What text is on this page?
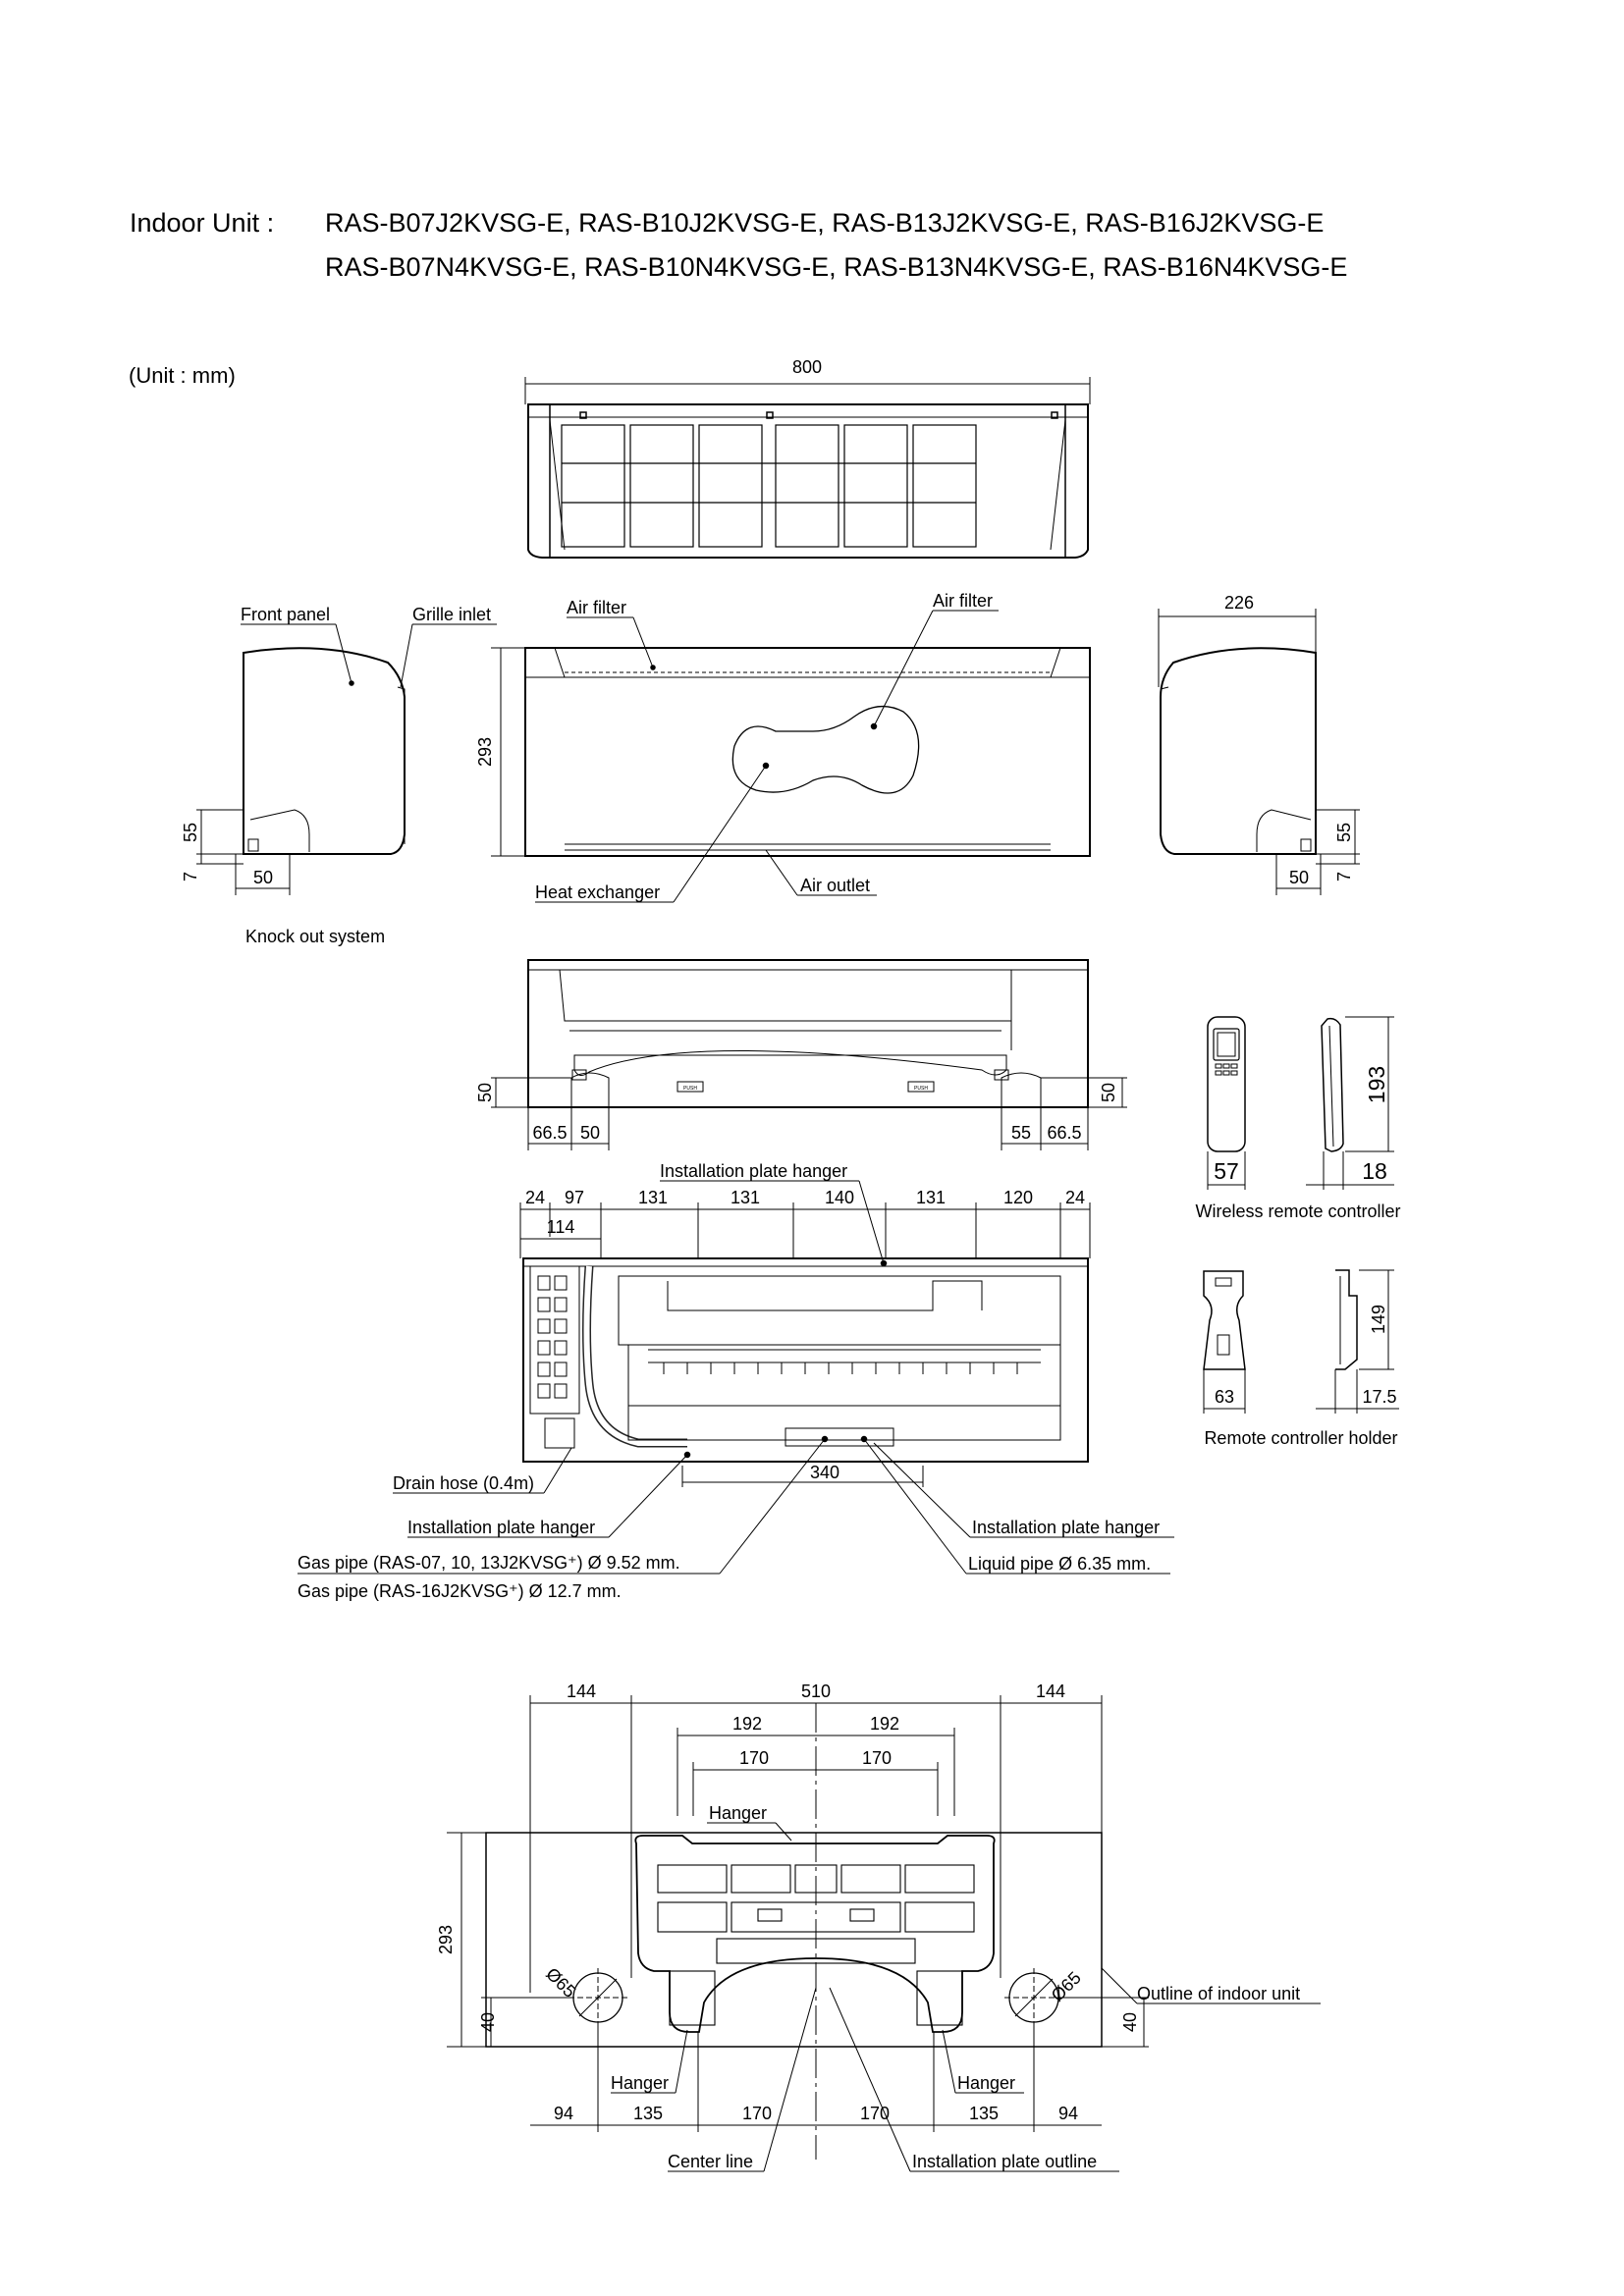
Indoor Unit : RAS-B07J2KVSG-E, RAS-B10J2KVSG-E, RAS-B13J2KVSG-E, RAS-B16J2KVSG-E
RAS-B07N4KVSG-E, RAS-B10N4KVSG-E, RAS-B13N4KVSG-E, RAS-B16N4KVSG-E
(Unit : mm)	800
55
7	50
Front panel	Grille inlet
Knock out system
293
Air filter	Air filter
Heat exchanger	Air outlet
226
55
7
50
PUSH	PUSH
50	50
66.5 50	55 66.5
Installation plate hanger
24 97	131	131	140	131	120 24
114
340
Drain hose (0.4m)
Installation plate hanger	Installation plate hanger
Gas pipe (RAS-07, 10, 13J2KVSG⁺) Ø 9.52 mm.
Gas pipe (RAS-16J2KVSG⁺) Ø 12.7 mm.
Liquid pipe Ø 6.35 mm.
193
57	18
Wireless remote controller
149
63	17.5
Remote controller holder
144	510	144
192	192
170	170
Hanger
Ø65	Ø65
293
40	40
Outline of indoor unit
Hanger	Hanger
94	135	170	170	135	94
Center line	Installation plate outline
